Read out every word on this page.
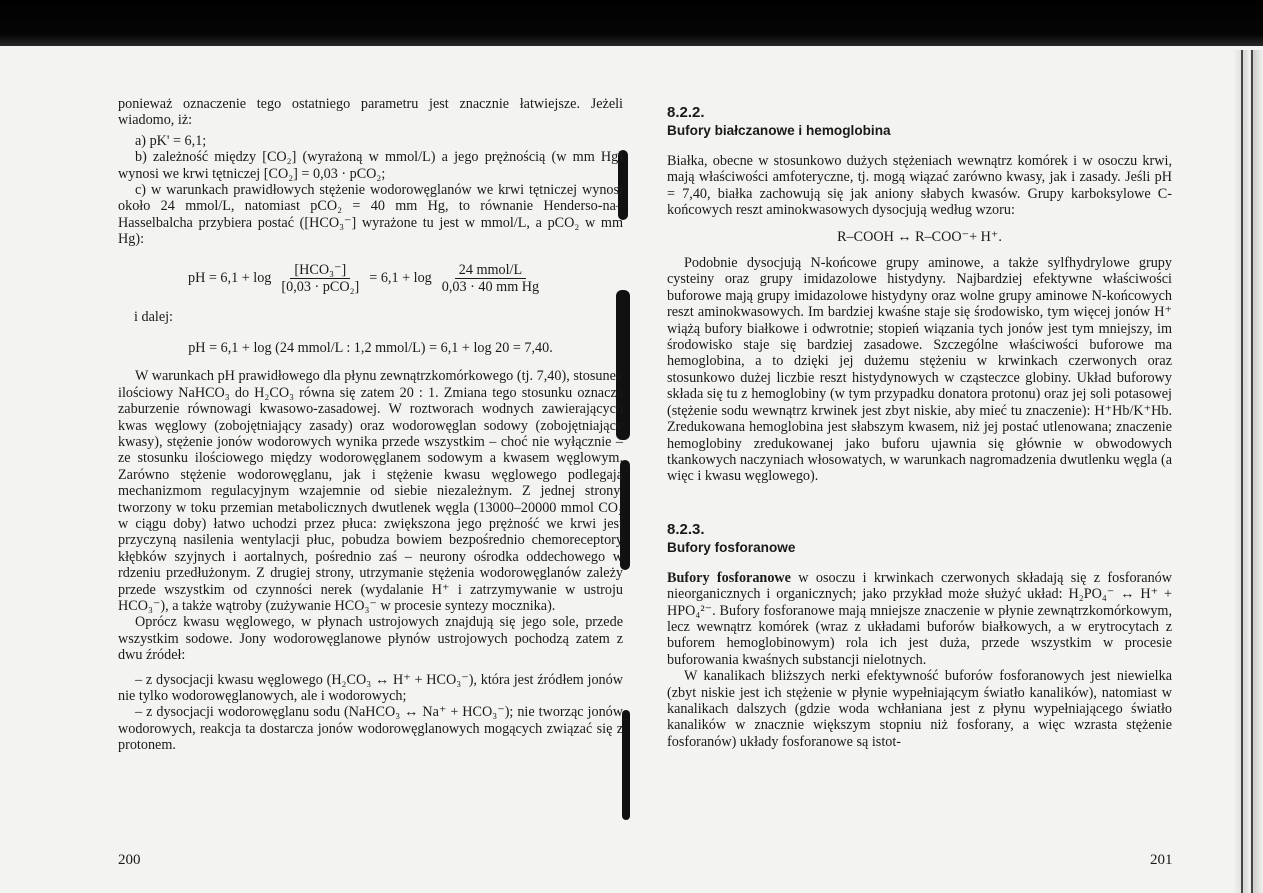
ponieważ oznaczenie tego ostatniego parametru jest znacznie łatwiejsze. Jeżeli wiadomo, iż:

a) pK' = 6,1;

b) zależność między [CO₂] (wyrażoną w mmol/L) a jego prężnością (w mm Hg) wynosi we krwi tętniczej [CO₂] = 0,03 · pCO₂;

c) w warunkach prawidłowych stężenie wodorowęglanów we krwi tętniczej wynosi około 24 mmol/L, natomiast pCO₂ = 40 mm Hg, to równanie Henderso-na–Hasselbalcha przybiera postać ([HCO₃⁻] wyrażone tu jest w mmol/L, a pCO₂ w mm Hg):

pH = $6,1 + \log \frac{\text{[HCO₃⁻]}}{\text{[0,03 · pCO₂]}} = 6,1 + \log \frac{\text{24 mmol/L}}{\text{0,03 · 40 mm Hg}}$

i dalej:

pH = 6,1 + log (24 mmol/L : 1,2 mmol/L) = 6,1 + log 20 = 7,40.

W warunkach pH prawidłowego dla płynu zewnątrzkomórkowego (tj. 7,40), stosunek ilościowy NaHCO₃ do H₂CO₃ równa się zatem 20 : 1. Zmiana tego stosunku oznacza zaburzenie równowagi kwasowo-zasadowej. W roztworach wodnych zawierających kwas węglowy (zobojętniający zasady) oraz wodorowęglan sodowy (zobojętniający kwasy), stężenie jonów wodorowych wynika przede wszystkim – choć nie wyłącznie – ze stosunku ilościowego między wodorowęglanem sodowym a kwasem węglowym. Zarówno stężenie wodorowęglanu, jak i stężenie kwasu węglowego podlegają mechanizmom regulacyjnym wzajemnie od siebie niezależnym. Z jednej strony, tworzony w toku przemian metabolicznych dwutlenek węgla (13000–20000 mmol CO₂ w ciągu doby) łatwo uchodzi przez płuca: zwiększona jego prężność we krwi jest przyczyną nasilenia wentylacji płuc, pobudza bowiem bezpośrednio chemoreceptory kłębków szyjnych i aortalnych, pośrednio zaś – neurony ośrodka oddechowego w rdzeniu przedłużonym. Z drugiej strony, utrzymanie stężenia wodorowęglanów zależy przede wszystkim od czynności nerek (wydalanie H⁺ i zatrzymywanie w ustroju HCO₃⁻), a także wątroby (zużywanie HCO₃⁻ w procesie syntezy mocznika).

Oprócz kwasu węglowego, w płynach ustrojowych znajdują się jego sole, przede wszystkim sodowe. Jony wodorowęglanowe płynów ustrojowych pochodzą zatem z dwu źródeł:

– z dysocjacji kwasu węglowego (H₂CO₃ ↔ H⁺ + HCO₃⁻), która jest źródłem jonów nie tylko wodorowęglanowych, ale i wodorowych;

– z dysocjacji wodorowęglanu sodu (NaHCO₃ ↔ Na⁺ + HCO₃⁻); nie tworząc jonów wodorowych, reakcja ta dostarcza jonów wodorowęglanowych mogących związać się z protonem.

200
8.2.2.
Bufory białczanowe i hemoglobina

Białka, obecne w stosunkowo dużych stężeniach wewnątrz komórek i w osoczu krwi, mają właściwości amfoteryczne, tj. mogą wiązać zarówno kwasy, jak i zasady. Jeśli pH = 7,40, białka zachowują się jak aniony słabych kwasów. Grupy karboksylowe C-końcowych reszt aminokwasowych dysocjują według wzoru:

R–COOH ↔ R–COO⁻+ H⁺.

Podobnie dysocjują N-końcowe grupy aminowe, a także sylfhydrylowe grupy cysteiny oraz grupy imidazolowe histydyny. Najbardziej efektywne właściwości buforowe mają grupy imidazolowe histydyny oraz wolne grupy aminowe N-końcowych reszt aminokwasowych. Im bardziej kwaśne staje się środowisko, tym więcej jonów H⁺ wiążą bufory białkowe i odwrotnie; stopień wiązania tych jonów jest tym mniejszy, im środowisko staje się bardziej zasadowe. Szczególne właściwości buforowe ma hemoglobina, a to dzięki jej dużemu stężeniu w krwinkach czerwonych oraz stosunkowo dużej liczbie reszt histydynowych w cząsteczce globiny. Układ buforowy składa się tu z hemoglobiny (w tym przypadku donatora protonu) oraz jej soli potasowej (stężenie sodu wewnątrz krwinek jest zbyt niskie, aby mieć tu znaczenie): H⁺Hb/K⁺Hb. Zredukowana hemoglobina jest słabszym kwasem, niż jej postać utlenowana; znaczenie hemoglobiny zredukowanej jako buforu ujawnia się głównie w obwodowych tkankowych naczyniach włosowatych, w warunkach nagromadzenia dwutlenku węgla (a więc i kwasu węglowego).

8.2.3.
Bufory fosforanowe

Bufory fosforanowe w osoczu i krwinkach czerwonych składają się z fosforanów nieorganicznych i organicznych; jako przykład może służyć układ: H₂PO₄⁻ ↔ H⁺ + HPO₄²⁻. Bufory fosforanowe mają mniejsze znaczenie w płynie zewnątrzkomórkowym, lecz wewnątrz komórek (wraz z układami buforów białkowych, a w erytrocytach z buforem hemoglobinowym) rola ich jest duża, przede wszystkim w procesie buforowania kwaśnych substancji nielotnych.

W kanalikach bliższych nerki efektywność buforów fosforanowych jest niewielka (zbyt niskie jest ich stężenie w płynie wypełniającym światło kanalików), natomiast w kanalikach dalszych (gdzie woda wchłaniana jest z płynu wypełniającego światło kanalików w znacznie większym stopniu niż fosforany, a więc wzrasta stężenie fosforanów) układy fosforanowe są istot-

201
